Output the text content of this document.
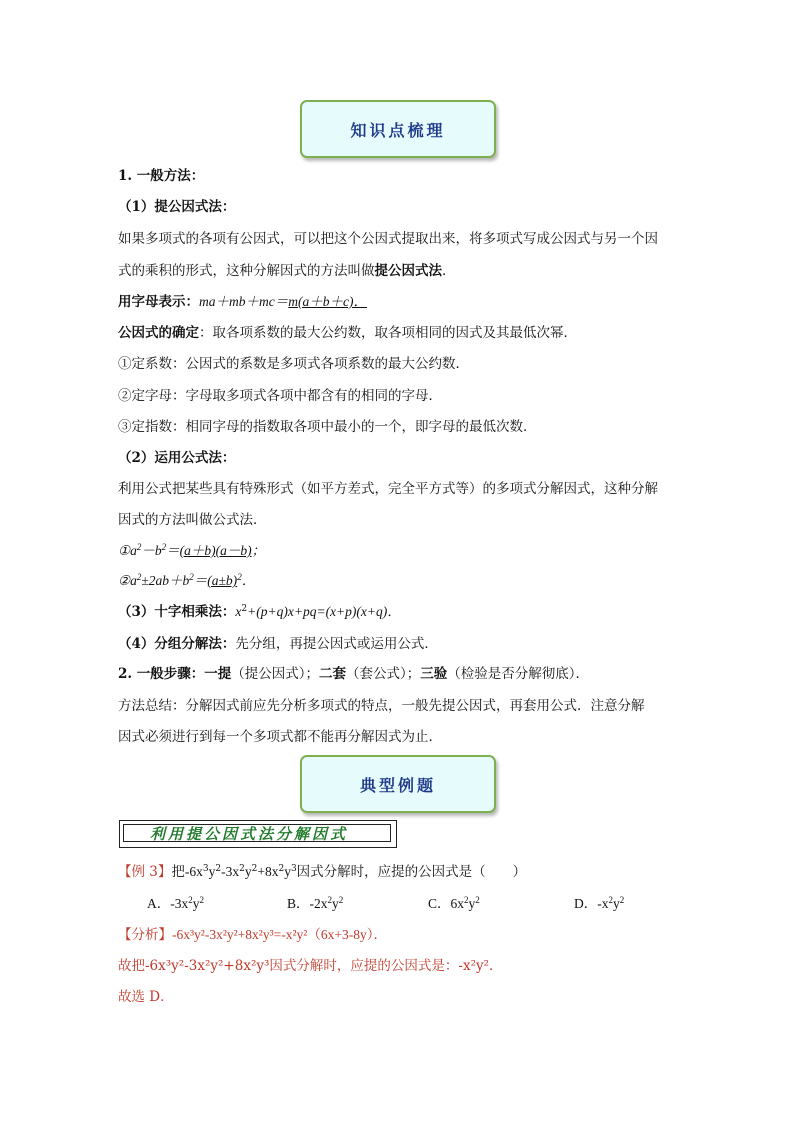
知识点梳理
1. 一般方法：
（1）提公因式法：
如果多项式的各项有公因式，可以把这个公因式提取出来，将多项式写成公因式与另一个因
式的乘积的形式，这种分解因式的方法叫做提公因式法．
用字母表示：ma＋mb＋mc＝m(a＋b＋c)．
公因式的确定：取各项系数的最大公约数，取各项相同的因式及其最低次幂．
①定系数：公因式的系数是多项式各项系数的最大公约数．
②定字母：字母取多项式各项中都含有的相同的字母．
③定指数：相同字母的指数取各项中最小的一个，即字母的最低次数．
（2）运用公式法：
利用公式把某些具有特殊形式（如平方差式，完全平方式等）的多项式分解因式，这种分解
因式的方法叫做公式法．
$①a^2-b^2=(a+b)(a-b)$；
$②a^2\pm 2ab+b^2=(a\pm b)^2$．
（3）十字相乘法：$x^2+(p+q)x+pq=(x+p)(x+q)$．
（4）分组分解法：先分组，再提公因式或运用公式．
2. 一般步骤：一提（提公因式）；二套（套公式）；三验（检验是否分解彻底）．
方法总结：分解因式前应先分析多项式的特点，一般先提公因式，再套用公式．注意分解
因式必须进行到每一个多项式都不能再分解因式为止．
典型例题
利用提公因式法分解因式
【例 3】把$-6x^3y^2-3x^2y^2+8x^2y^3$因式分解时，应提的公因式是（　　）
A．$-3x^2y^2$	B．$-2x^2y^2$	C．$6x^2y^2$	D．$-x^2y^2$
【分析】-6x³y²-3x²y²+8x²y³=-x²y²（6x+3-8y）．
故把-6x³y²-3x²y²+8x²y³因式分解时，应提的公因式是：-x²y²．
故选 D．
